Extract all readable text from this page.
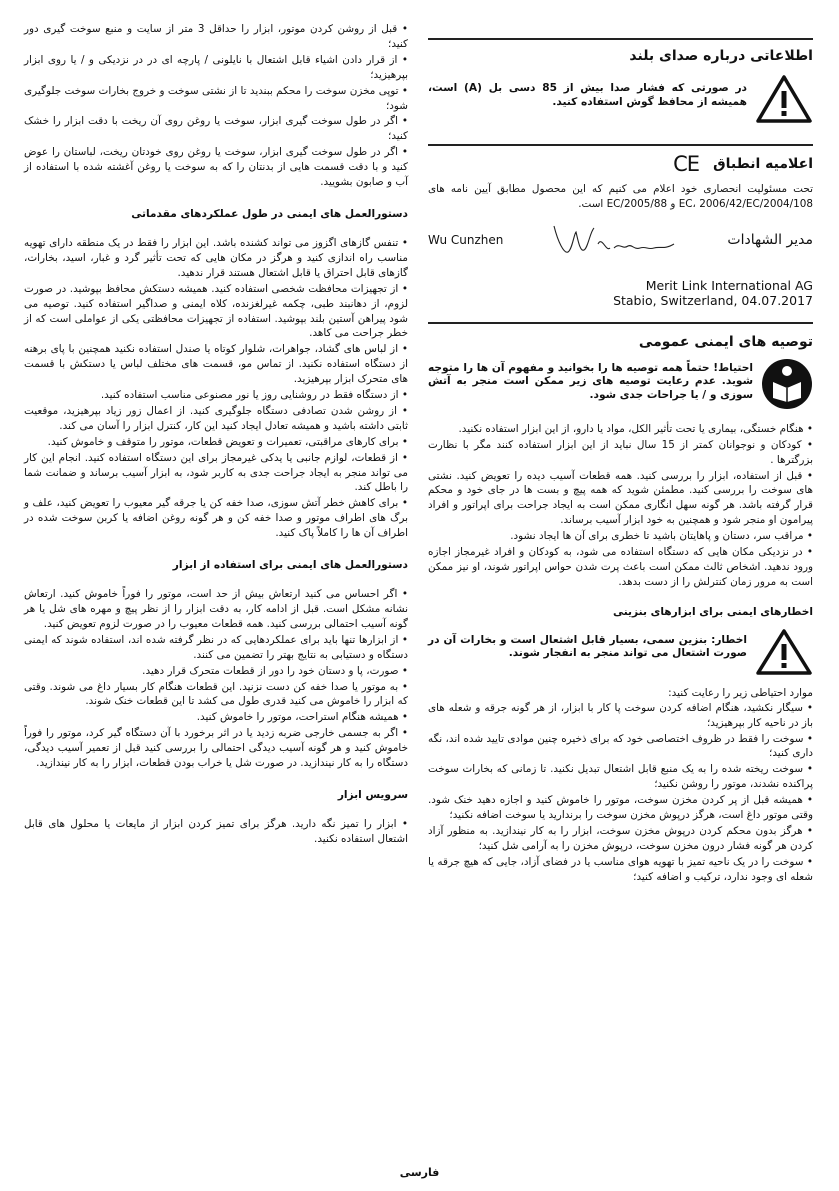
اطلاعاتی درباره صدای بلند

در صورتی که فشار صدا بیش از 85 دسی بل (A) است، همیشه از محافظ گوش استفاده کنید.
اعلامیه انطباق
CE

تحت مسئولیت انحصاری خود اعلام می کنیم که این محصول مطابق آیین نامه های 2004/108/EC، 2006/42/EC و 2005/88/EC است.

مدیر الشهادات
Wu Cunzhen
Merit Link International AG
Stabio, Switzerland, 04.07.2017

توصیه های ایمنی عمومی

احتیاط! حتماً همه توصیه ها را بخوانید و مفهوم آن ها را متوجه شوید. عدم رعایت توصیه های زیر ممکن است منجر به آتش سوزی و / یا جراحات جدی شود.

• هنگام خستگی، بیماری یا تحت تأثیر الکل، مواد یا دارو، از این ابزار استفاده نکنید.

• کودکان و نوجوانان کمتر از 15 سال نباید از این ابزار استفاده کنند مگر با نظارت بزرگترها .

• قبل از استفاده، ابزار را بررسی کنید. همه قطعات آسیب دیده را تعویض کنید. نشتی های سوخت را بررسی کنید. مطمئن شوید که همه پیچ و بست ها در جای خود و محکم قرار گرفته باشد. هر گونه سهل انگاری ممکن است به ایجاد جراحت برای اپراتور و افراد پیرامون او منجر شود و همچنین به خود ابزار آسیب برساند.

• مراقب سر، دستان و پاهایتان باشید تا خطری برای آن ها ایجاد نشود.

• در نزدیکی مکان هایی که دستگاه استفاده می شود، به کودکان و افراد غیرمجاز اجازه ورود ندهید. اشخاص ثالث ممکن است باعث پرت شدن حواس اپراتور شوند، او نیز ممکن است به مرور زمان کنترلش را از دست بدهد.

اخطارهای ایمنی برای ابزارهای بنزینی

اخطار: بنزین سمی، بسیار قابل اشتعال است و بخارات آن در صورت اشتعال می تواند منجر به انفجار شوند.

موارد احتیاطی زیر را رعایت کنید:

• سیگار نکشید، هنگام اضافه کردن سوخت پا کار با ابزار، از هر گونه جرقه و شعله های باز در ناحیه کار بپرهیزید؛

• سوخت را فقط در ظروف اختصاصی خود که برای ذخیره چنین موادی تایید شده اند، نگه داری کنید؛

• سوخت ریخته شده را به یک منبع قابل اشتعال تبدیل نکنید. تا زمانی که بخارات سوخت پراکنده نشدند، موتور را روشن نکنید؛

• همیشه قبل از پر کردن مخزن سوخت، موتور را خاموش کنید و اجازه دهید خنک شود. وقتی موتور داغ است، هرگز درپوش مخزن سوخت را برندارید یا سوخت اضافه نکنید؛

• هرگز بدون محکم کردن درپوش مخزن سوخت، ابزار را به کار نیندازید. به منظور آزاد کردن هر گونه فشار درون مخزن سوخت، درپوش مخزن را به آرامی شل کنید؛

• سوخت را در یک ناحیه تمیز با تهویه هوای مناسب یا در فضای آزاد، جایی که هیچ جرقه یا شعله ای وجود ندارد، ترکیب و اضافه کنید؛

• قبل از روشن کردن موتور، ابزار را حداقل 3 متر از سایت و منبع سوخت گیری دور کنید؛

• از قرار دادن اشیاء قابل اشتعال با نایلونی / پارچه ای در در نزدیکی و / یا روی ابزار بپرهیزید؛

• توپی مخزن سوخت را محکم ببندید تا از نشتی سوخت و خروج بخارات سوخت جلوگیری شود؛

• اگر در طول سوخت گیری ابزار، سوخت یا روغن روی آن ریخت با دقت ابزار را خشک کنید؛

• اگر در طول سوخت گیری ابزار، سوخت یا روغن روی خودتان ریخت، لباستان را عوض کنید و با دقت قسمت هایی از بدنتان را که به سوخت یا روغن آغشته شده با استفاده از آب و صابون بشویید.

دستورالعمل های ایمنی در طول عملکردهای مقدماتی

• تنفس گازهای اگزوز می تواند کشنده باشد. این ابزار را فقط در یک منطقه دارای تهویه مناسب راه اندازی کنید و هرگز در مکان هایی که تحت تأثیر گرد و غبار، اسید، بخارات، گازهای قابل احتراق یا قابل اشتعال هستند قرار ندهید.

• از تجهیزات محافظت شخصی استفاده کنید. همیشه دستکش محافظ بپوشید. در صورت لزوم، از دهانبند طبی، چکمه غیرلغزنده، کلاه ایمنی و صداگیر استفاده کنید. توصیه می شود پیراهن آستین بلند بپوشید. استفاده از تجهیزات محافظتی یکی از عواملی است که از خطر جراحت می کاهد.

• از لباس های گشاد، جواهرات، شلوار کوتاه یا صندل استفاده نکنید همچنین با پای برهنه از دستگاه استفاده نکنید. از تماس مو، قسمت های مختلف لباس یا دستکش با قسمت های متحرک ابزار بپرهیزید.

• از دستگاه فقط در روشنایی روز یا نور مصنوعی مناسب استفاده کنید.

• از روشن شدن تصادفی دستگاه جلوگیری کنید. از اعمال زور زیاد بپرهیزید، موقعیت ثابتی داشته باشید و همیشه تعادل ایجاد کنید این کار، کنترل ابزار را آسان می کند.

• برای کارهای مراقبتی، تعمیرات و تعویض قطعات، موتور را متوقف و خاموش کنید.

• از قطعات، لوازم جانبی یا یدکی غیرمجاز برای این دستگاه استفاده کنید. انجام این کار می تواند منجر به ایجاد جراحت جدی به کاربر شود، به ابزار آسیب برساند و ضمانت شما را باطل کند.

• برای کاهش خطر آتش سوزی، صدا خفه کن یا جرقه گیر معیوب را تعویض کنید، علف و برگ های اطراف موتور و صدا خفه کن و هر گونه روغن اضافه یا کربن سوخت شده در اطراف آن ها را کاملاً پاک کنید.

دستورالعمل های ایمنی برای استفاده از ابزار

• اگر احساس می کنید ارتعاش بیش از حد است، موتور را فوراً خاموش کنید. ارتعاش نشانه مشکل است. قبل از ادامه کار، به دقت ابزار را از نظر پیچ و مهره های شل یا هر گونه آسیب احتمالی بررسی کنید. همه قطعات معیوب را در صورت لزوم تعویض کنید.

• از ابزارها تنها باید برای عملکردهایی که در نظر گرفته شده اند، استفاده شوند که ایمنی دستگاه و دستیابی به نتایج بهتر را تضمین می کنند.

• صورت، پا و دستان خود را دور از قطعات متحرک قرار دهید.

• به موتور یا صدا خفه کن دست نزنید. این قطعات هنگام کار بسیار داغ می شوند. وقتی که ابزار را خاموش می کنید قدری طول می کشد تا این قطعات خنک شوند.

• همیشه هنگام استراحت، موتور را خاموش کنید.

• اگر به جسمی خارجی ضربه زدید یا در اثر برخورد با آن دستگاه گیر کرد، موتور را فوراً خاموش کنید و هر گونه آسیب دیدگی احتمالی را بررسی کنید قبل از تعمیر آسیب دیدگی، دستگاه را به کار نیندازید. در صورت شل یا خراب بودن قطعات، ابزار را به کار نیندازید.

سرویس ابزار

• ابزار را تمیز نگه دارید. هرگز برای تمیز کردن ابزار از مایعات یا محلول های قابل اشتعال استفاده نکنید.

فارسی
